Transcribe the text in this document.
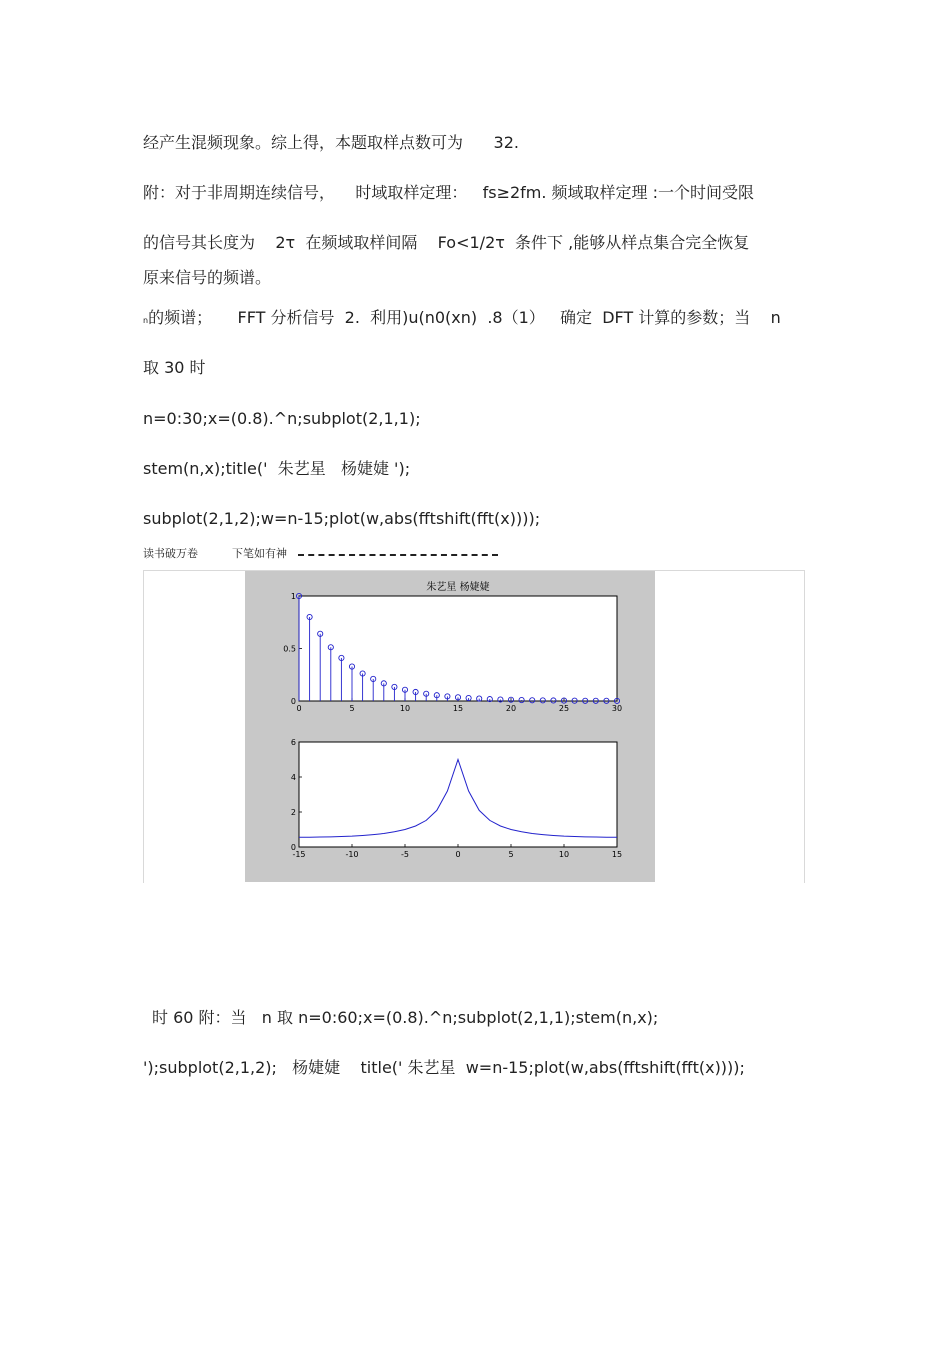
经产生混频现象。综上得，本题取样点数可为      32.
附：对于非周期连续信号，    时域取样定理：   fs≥2fm. 频域取样定理 :一个时间受限
的信号其长度为    2τ  在频域取样间隔    Fo<1/2τ  条件下 ,能够从样点集合完全恢复
原来信号的频谱。
n的频谱；     FFT 分析信号  2.  利用)u(n0(xn)  .8（1）   确定  DFT 计算的参数；当    n
取 30 时
n=0:30;x=(0.8).^n;subplot(2,1,1);
stem(n,x);title('  朱艺星   杨婕婕 ');
subplot(2,1,2);w=n-15;plot(w,abs(fftshift(fft(x))));
读书破万卷	下笔如有神
朱艺星 杨婕婕
0	5	10	15	20	25	30
0
0.5
1
-15	-10	-5	0	5	10	15
0
2
4
6
时 60 附：当   n 取 n=0:60;x=(0.8).^n;subplot(2,1,1);stem(n,x);
');subplot(2,1,2);   杨婕婕    title(' 朱艺星  w=n-15;plot(w,abs(fftshift(fft(x))));
